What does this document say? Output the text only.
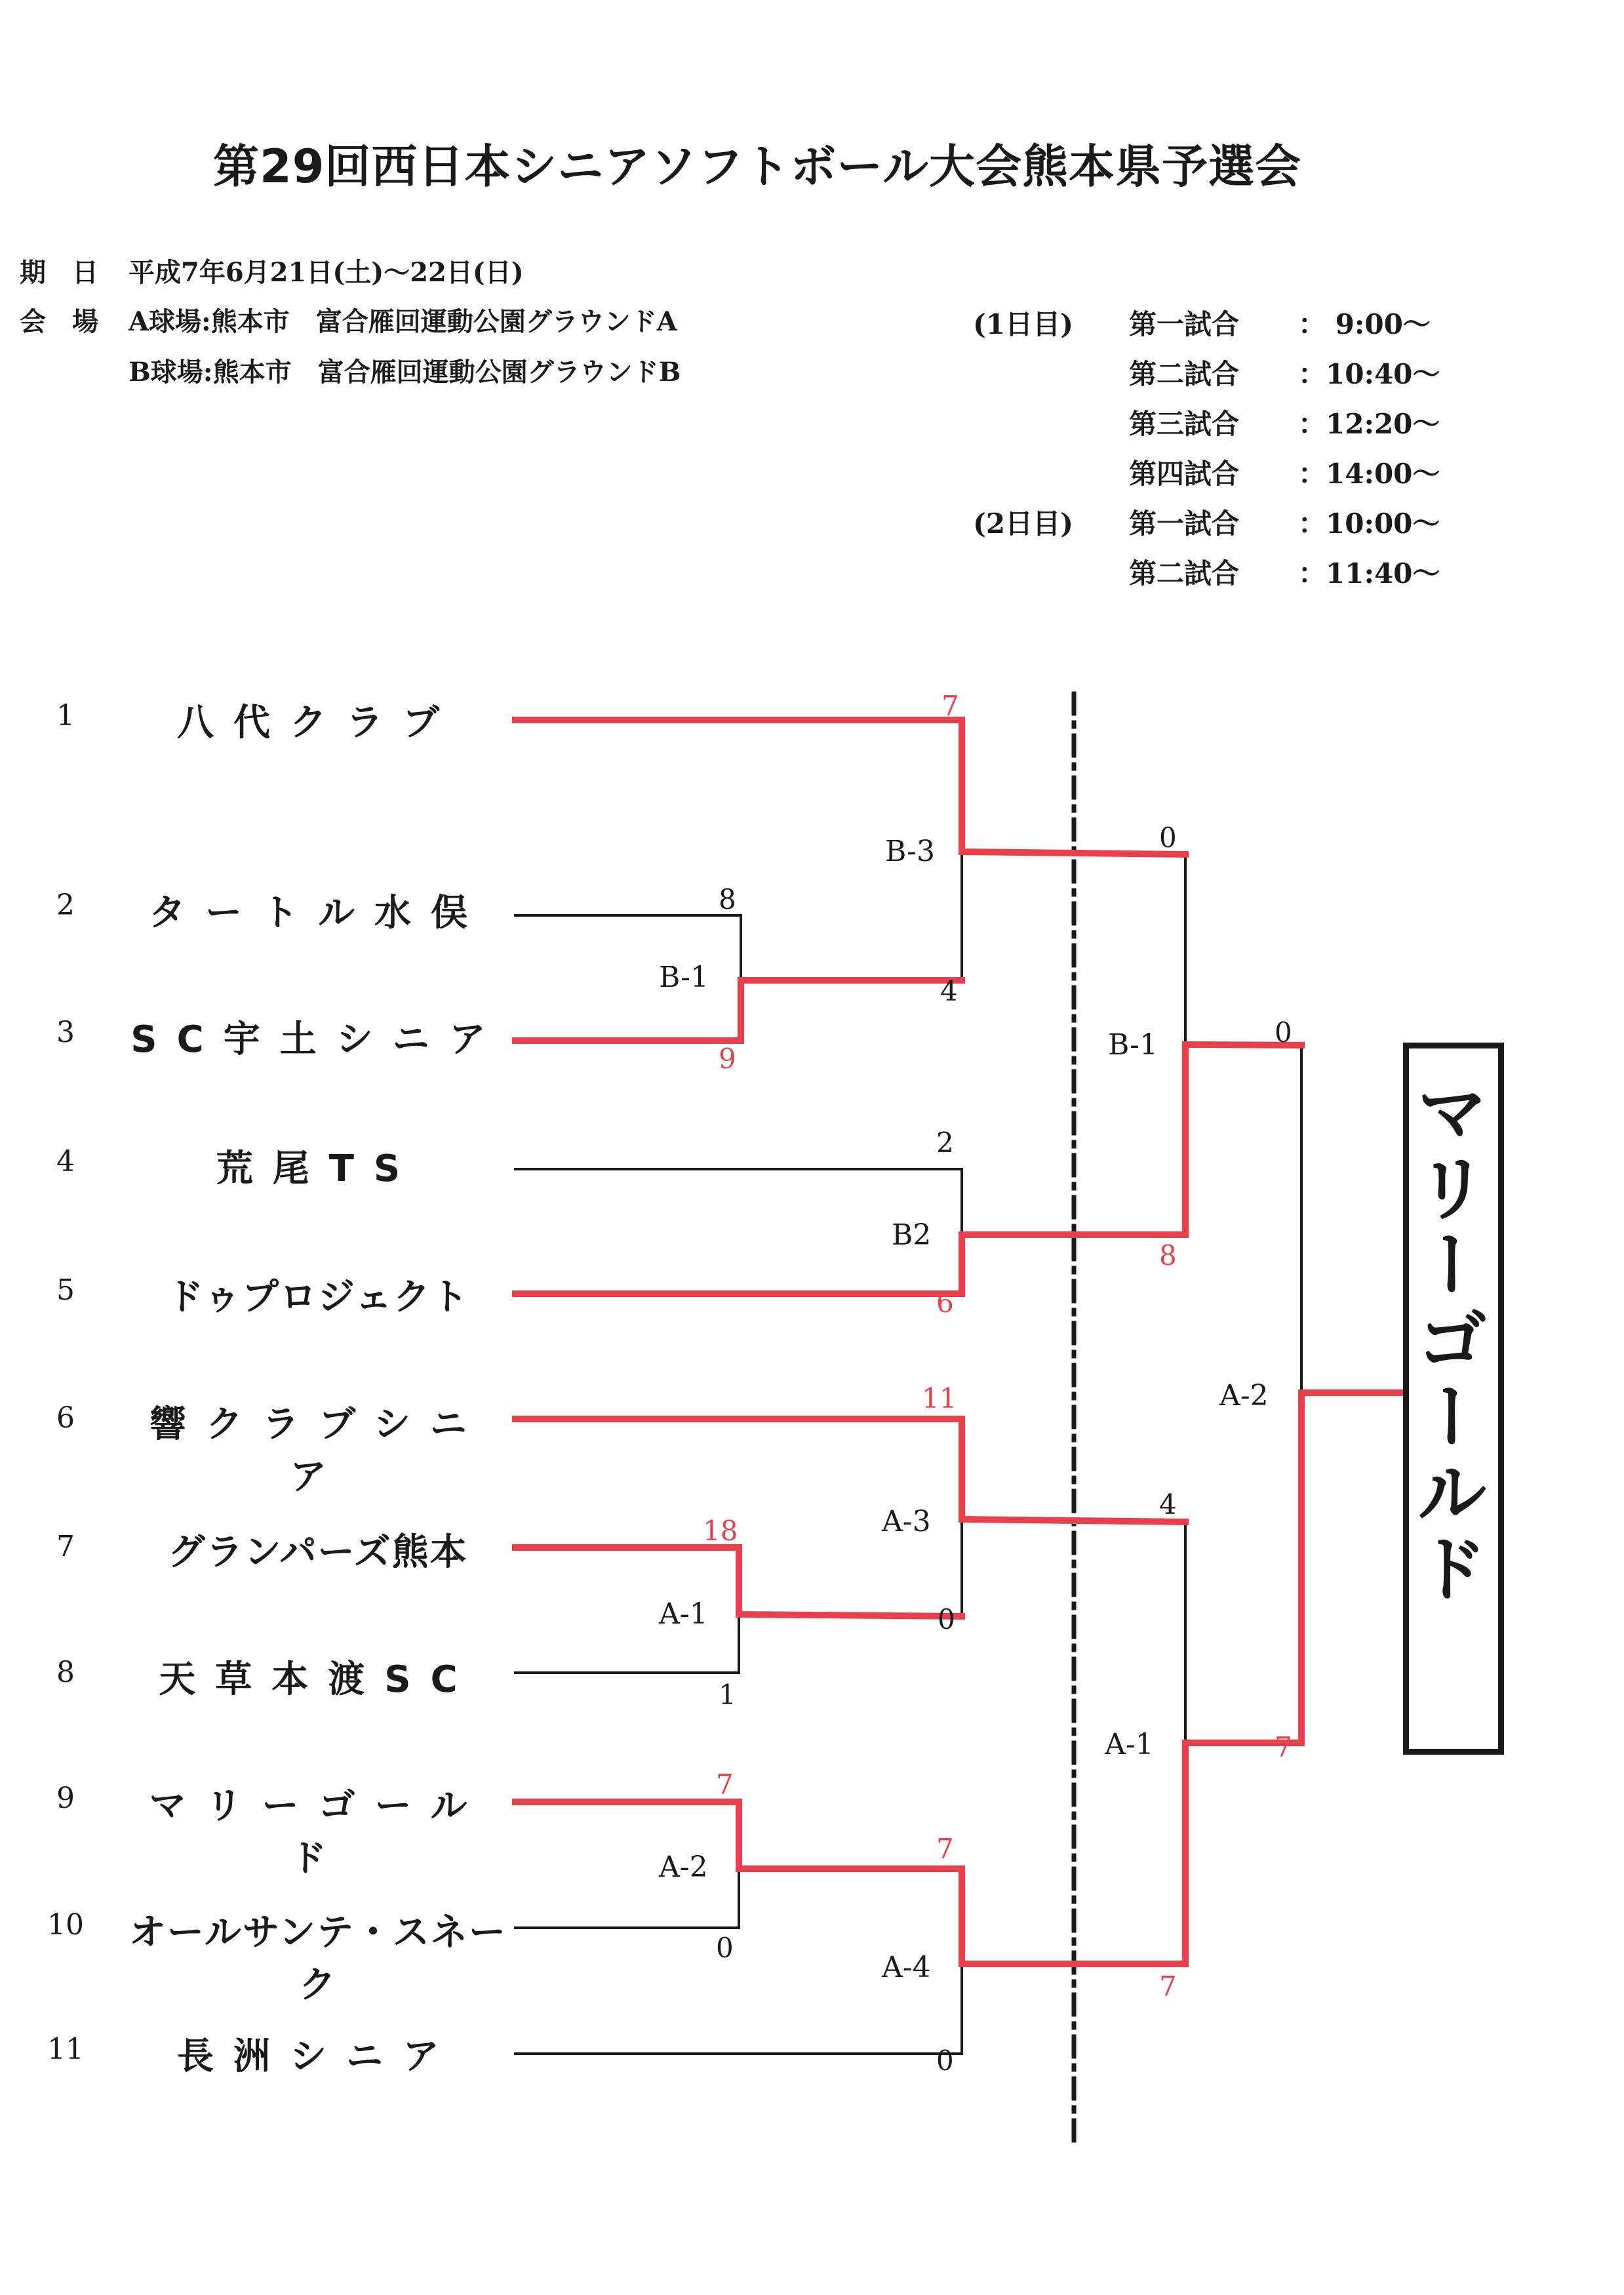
第29回西日本シニアソフトボール大会熊本県予選会
期　日 平成7年6月21日(土)～22日(日)
会　場 A球場:熊本市　富合雁回運動公園グラウンドA
B球場:熊本市　富合雁回運動公園グラウンドB
(1日目) 第一試合 ： 9:00～
第二試合 ：10:40～
第三試合 ：12:20～
第四試合 ：14:00～
(2日目) 第一試合 ：10:00～
第二試合 ：11:40～
1
2
3
4
5
6
7
8
9
10
11
八代クラブ
タートル水俣
SC宇土シニア
荒尾TS
ドゥプロジェクト
響クラブシニア
グランパーズ熊本
天草本渡SC
マリーゴールド
オールサンテ・スネーク
長洲シニア
B-1
A-1
A-2
B-3
B2
A-3
A-4
B-1
A-1
A-2
8
9
18
1
7
0
7
4
2
6
11
0
7
0
0
8
4
7
0
7
マリーゴールド
